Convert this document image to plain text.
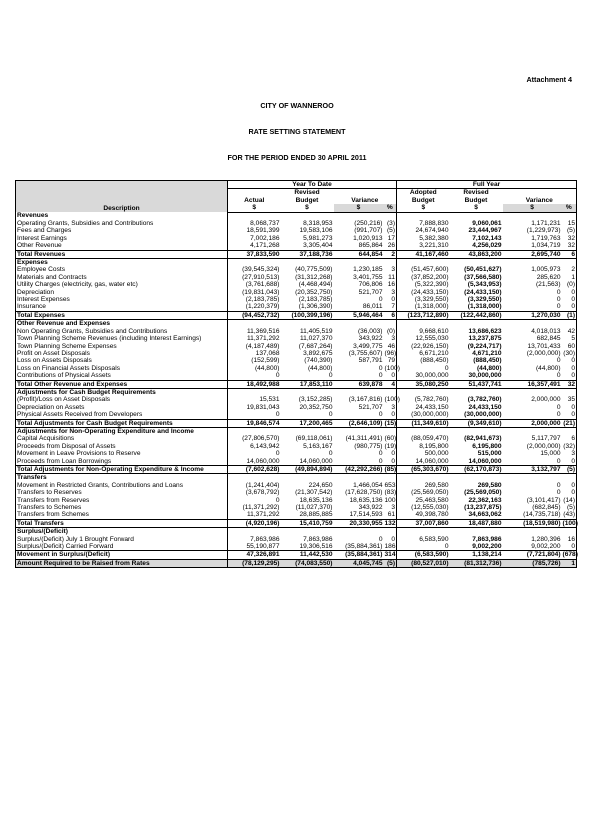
Attachment 4
CITY OF WANNEROO
RATE SETTING STATEMENT
FOR THE PERIOD ENDED 30 APRIL 2011
Description	Year To Date				Full Year			
		Revised			Adopted	Revised		
	Actual	Budget	Variance		Budget	Budget	Variance	
	$	$	$	%	$	$	$	%
Revenues								
Operating Grants, Subsidies and Contributions	8,068,737	8,318,953	(250,216)	(3)	7,888,830	9,060,061	1,171,231	15
Fees and Charges	18,591,399	19,583,106	(991,707)	(5)	24,674,940	23,444,967	(1,229,973)	(5)
Interest Earnings	7,002,186	5,981,273	1,020,913	17	5,382,380	7,102,143	1,719,763	32
Other Revenue	4,171,268	3,305,404	865,864	26	3,221,310	4,256,029	1,034,719	32
Total Revenues	37,833,590	37,188,736	644,854	2	41,167,460	43,863,200	2,695,740	6
Expenses								
Employee Costs	(39,545,324)	(40,775,509)	1,230,185	3	(51,457,600)	(50,451,627)	1,005,973	2
Materials and Contracts	(27,910,513)	(31,312,268)	3,401,755	11	(37,852,200)	(37,566,580)	285,620	1
Utility Charges (electricity, gas, water etc)	(3,761,688)	(4,468,494)	706,806	16	(5,322,390)	(5,343,953)	(21,563)	(0)
Depreciation	(19,831,043)	(20,352,750)	521,707	3	(24,433,150)	(24,433,150)	0	0
Interest Expenses	(2,183,785)	(2,183,785)	0	0	(3,329,550)	(3,329,550)	0	0
Insurance	(1,220,379)	(1,306,390)	86,011	7	(1,318,000)	(1,318,000)	0	0
Total Expenses	(94,452,732)	(100,399,196)	5,946,464	6	(123,712,890)	(122,442,860)	1,270,030	(1)
Other Revenue and Expenses								
Non Operating Grants, Subsidies and Contributions	11,369,516	11,405,519	(36,003)	(0)	9,668,610	13,686,623	4,018,013	42
Town Planning Scheme Revenues (including Interest Earnings)	11,371,292	11,027,370	343,922	3	12,555,030	13,237,875	682,845	5
Town Planning Scheme Expenses	(4,187,489)	(7,687,264)	3,499,775	46	(22,926,150)	(9,224,717)	13,701,433	60
Profit on Asset Disposals	137,068	3,892,675	(3,755,607)	(96)	6,671,210	4,671,210	(2,000,000)	(30)
Loss on Assets Disposals	(152,599)	(740,390)	587,791	79	(888,450)	(888,450)	0	0
Loss on Financial Assets Disposals	(44,800)	(44,800)	0	(100)	0	(44,800)	(44,800)	0
Contributions of Physical Assets	0	0	0	0	30,000,000	30,000,000	0	0
Total Other Revenue and Expenses	18,492,988	17,853,110	639,878	4	35,080,250	51,437,741	16,357,491	32
Adjustments for Cash Budget Requirements								
(Profit)/Loss on Asset Disposals	15,531	(3,152,285)	(3,167,816)	(100)	(5,782,760)	(3,782,760)	2,000,000	35
Depreciation on Assets	19,831,043	20,352,750	521,707	3	24,433,150	24,433,150	0	0
Physical Assets Received from Developers	0	0	0	0	(30,000,000)	(30,000,000)	0	0
Total Adjustments for Cash Budget Requirements	19,846,574	17,200,465	(2,646,109)	(15)	(11,349,610)	(9,349,610)	2,000,000	(21)
Adjustments for Non-Operating Expenditure and Income								
Capital Acquisitions	(27,806,570)	(69,118,061)	(41,311,491)	(60)	(88,059,470)	(82,941,673)	5,117,797	6
Proceeds from Disposal of Assets	6,143,942	5,163,167	(980,775)	(19)	8,195,800	6,195,800	(2,000,000)	(32)
Movement in Leave Provisions to Reserve	0	0	0	0	500,000	515,000	15,000	3
Proceeds from Loan Borrowings	14,060,000	14,060,000	0	0	14,060,000	14,060,000	0	0
Total Adjustments for Non-Operating Expenditure & Income	(7,602,628)	(49,894,894)	(42,292,266)	(85)	(65,303,670)	(62,170,873)	3,132,797	(5)
Transfers								
Movement in Restricted Grants, Contributions and Loans	(1,241,404)	224,650	1,466,054	653	269,580	269,580	0	0
Transfers to Reserves	(3,678,792)	(21,307,542)	(17,628,750)	(83)	(25,569,050)	(25,569,050)	0	0
Transfers from Reserves	0	18,635,136	18,635,136	100	25,463,580	22,362,163	(3,101,417)	(14)
Transfers to Schemes	(11,371,292)	(11,027,370)	343,922	3	(12,555,030)	(13,237,875)	(682,845)	(5)
Transfers from Schemes	11,371,292	28,885,885	17,514,593	61	49,398,780	34,663,062	(14,735,718)	(43)
Total Transfers	(4,920,196)	15,410,759	20,330,955	132	37,007,860	18,487,880	(18,519,980)	(100)
Surplus/(Deficit)								
Surplus/(Deficit) July 1 Brought Forward	7,863,986	7,863,986	0	0	6,583,590	7,863,986	1,280,396	16
Surplus/(Deficit) Carried Forward	55,190,877	19,306,516	(35,884,361)	186	0	9,002,200	9,002,200	0
Movement in Surplus/(Deficit)	47,326,891	11,442,530	(35,884,361)	314	(6,583,590)	1,138,214	(7,721,804)	(678)
Amount Required to be Raised from Rates	(78,129,295)	(74,083,550)	4,045,745	(5)	(80,527,010)	(81,312,736)	(785,726)	1
